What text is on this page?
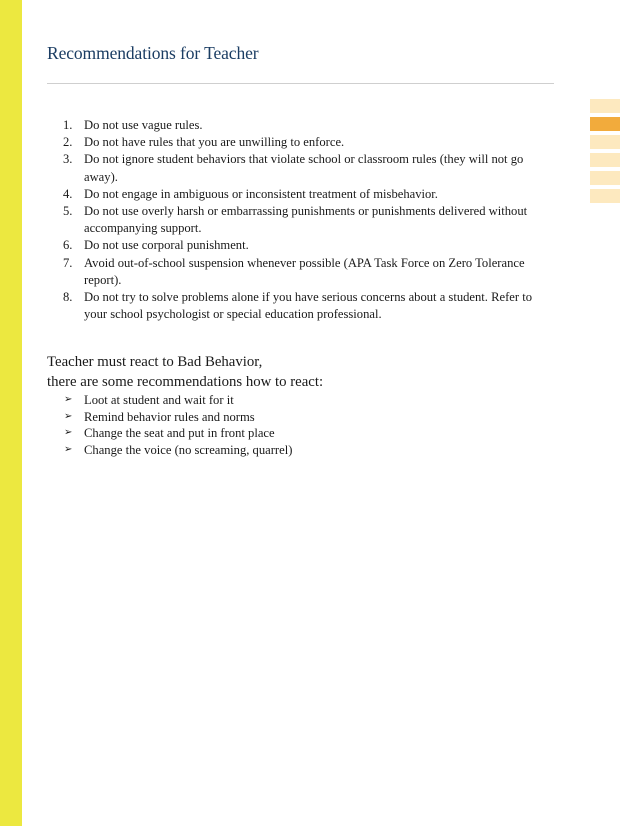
Recommendations for Teacher
1. Do not use vague rules.
2. Do not have rules that you are unwilling to enforce.
3. Do not ignore student behaviors that violate school or classroom rules (they will not go away).
4. Do not engage in ambiguous or inconsistent treatment of misbehavior.
5. Do not use overly harsh or embarrassing punishments or punishments delivered without accompanying support.
6. Do not use corporal punishment.
7. Avoid out-of-school suspension whenever possible (APA Task Force on Zero Tolerance report).
8. Do not try to solve problems alone if you have serious concerns about a student. Refer to your school psychologist or special education professional.
Teacher must react to Bad Behavior,
there are some recommendations how to react:
➢ Loot at student and wait for it
➢ Remind behavior rules and norms
➢ Change the seat and put in front place
➢ Change the voice (no screaming, quarrel)
